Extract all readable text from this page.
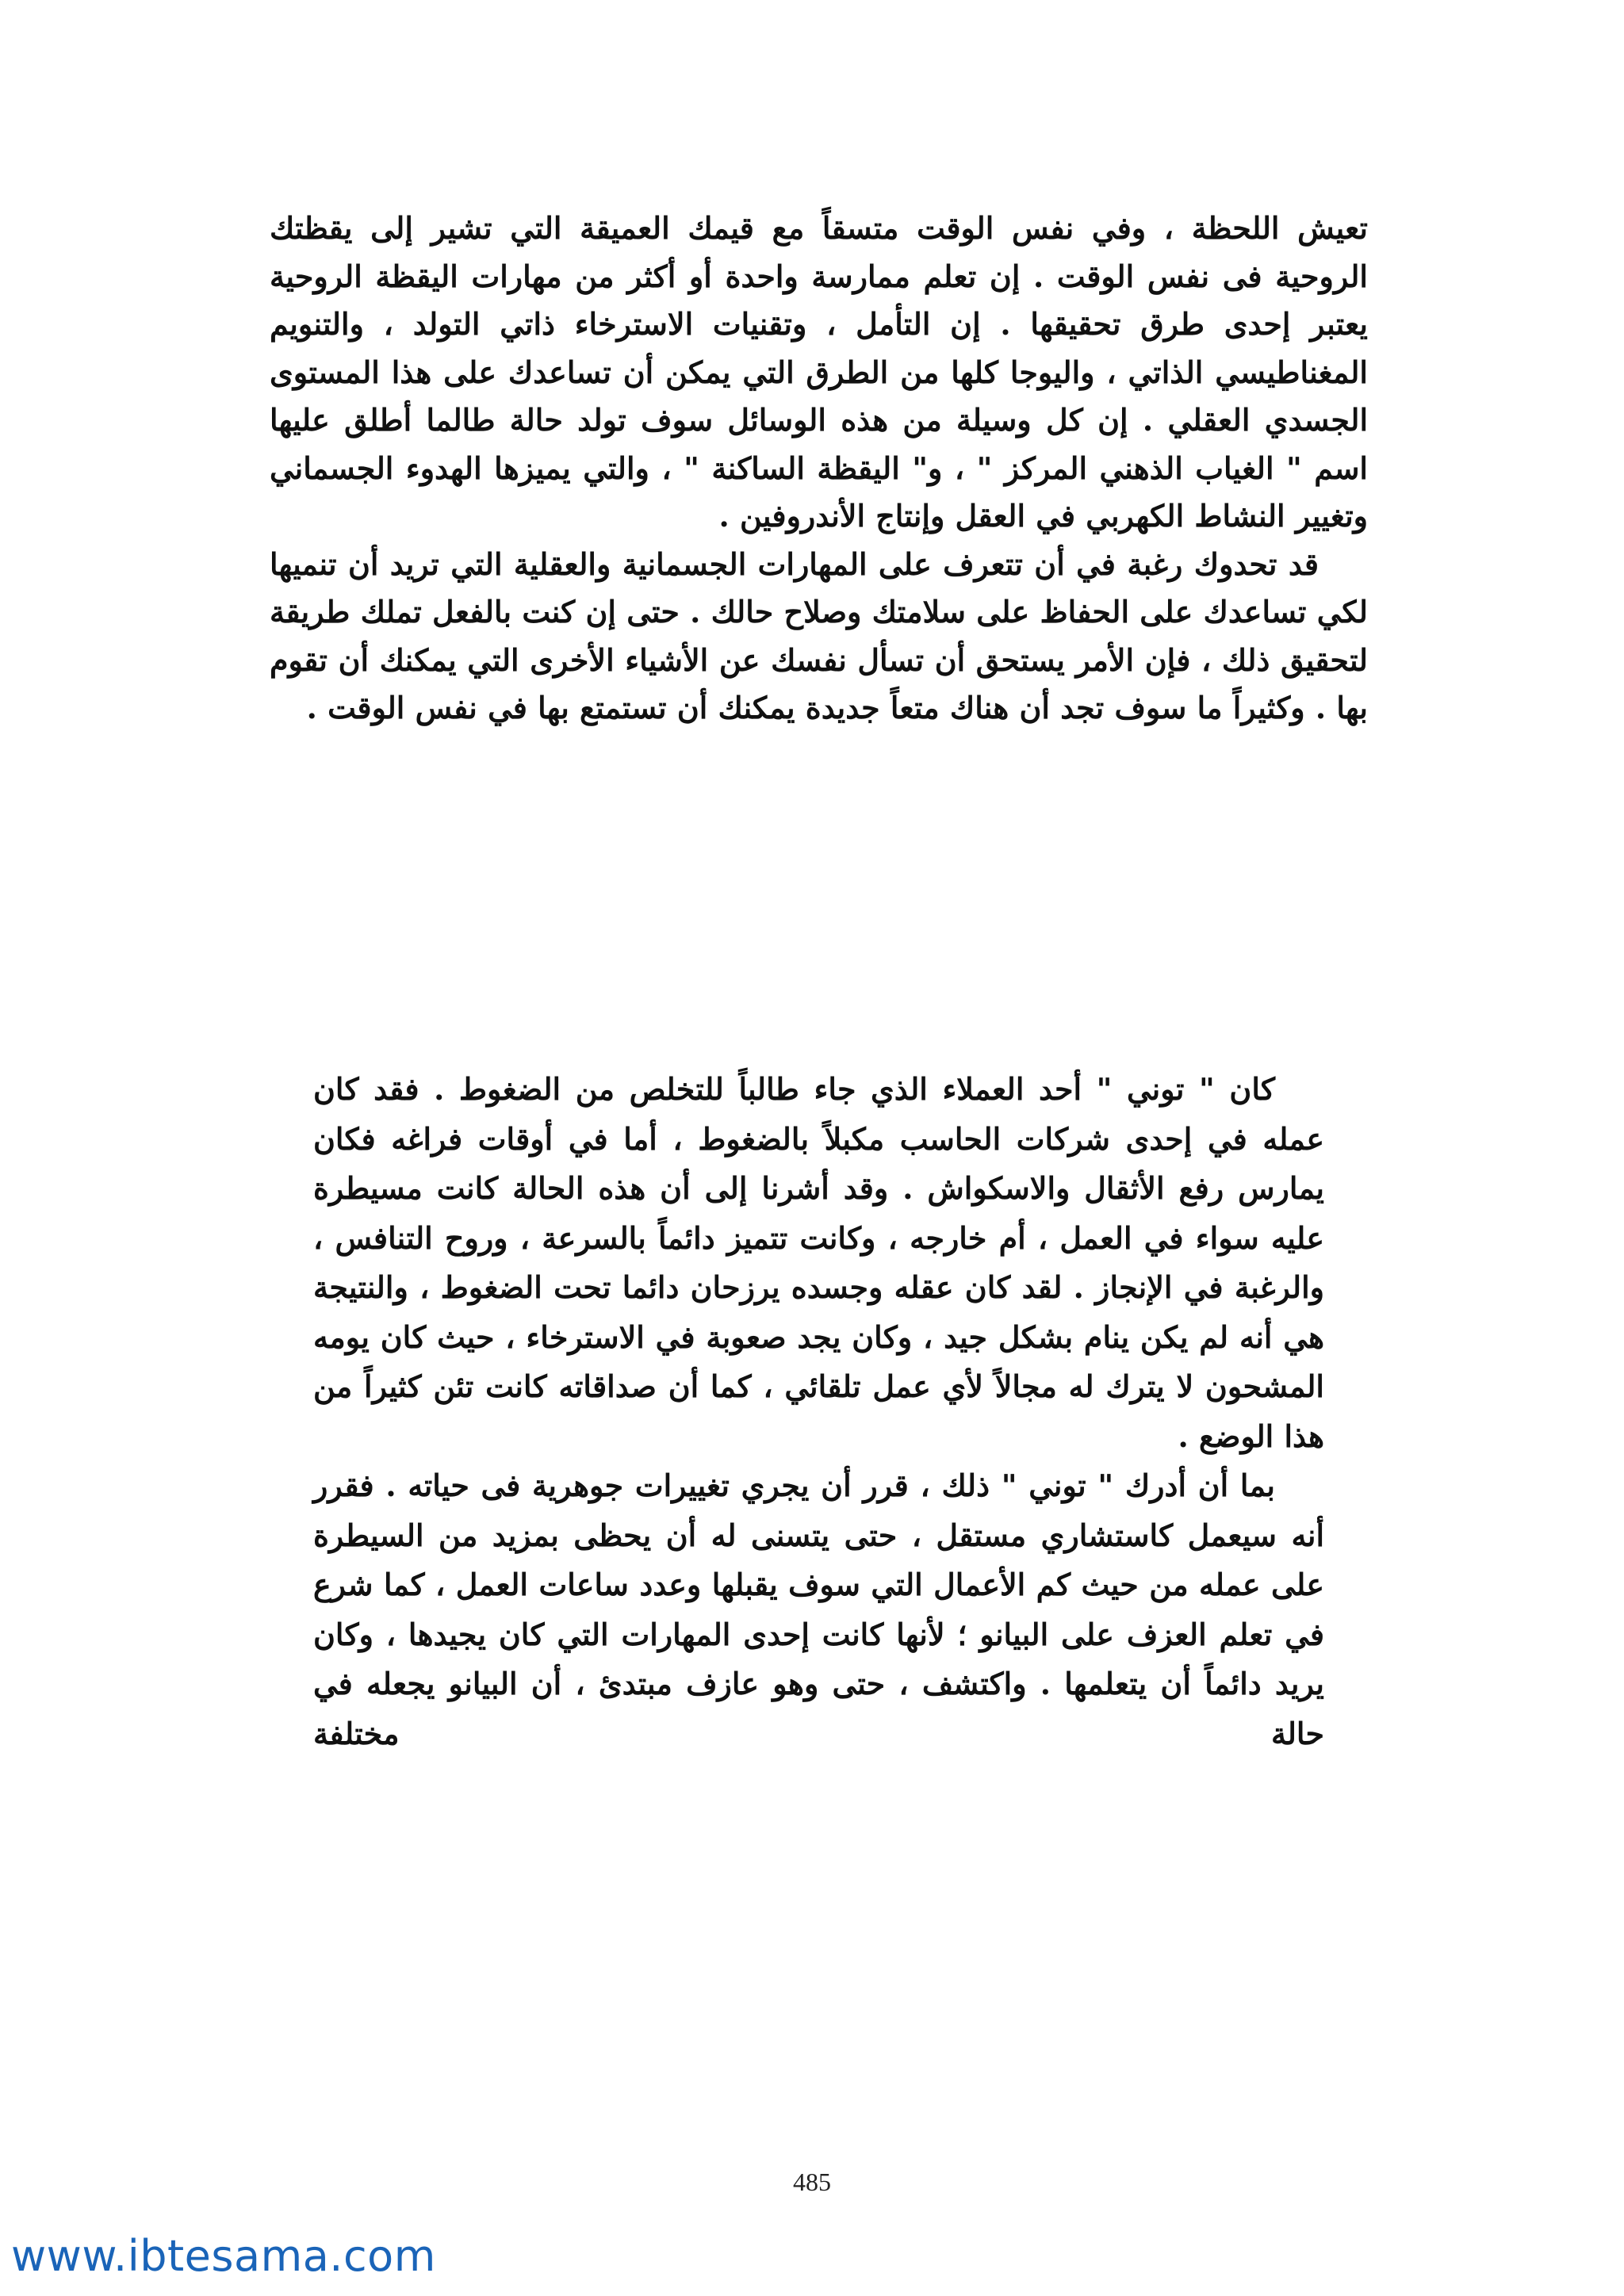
تعيش اللحظة ، وفي نفس الوقت متسقاً مع قيمك العميقة التي تشير إلى يقظتك الروحية فى نفس الوقت . إن تعلم ممارسة واحدة أو أكثر من مهارات اليقظة الروحية يعتبر إحدى طرق تحقيقها . إن التأمل ، وتقنيات الاسترخاء ذاتي التولد ، والتنويم المغناطيسي الذاتي ، واليوجا كلها من الطرق التي يمكن أن تساعدك على هذا المستوى الجسدي العقلي . إن كل وسيلة من هذه الوسائل سوف تولد حالة طالما أطلق عليها اسم " الغياب الذهني المركز " ، و" اليقظة الساكنة " ، والتي يميزها الهدوء الجسماني وتغيير النشاط الكهربي في العقل وإنتاج الأندروفين .

قد تحدوك رغبة في أن تتعرف على المهارات الجسمانية والعقلية التي تريد أن تنميها لكي تساعدك على الحفاظ على سلامتك وصلاح حالك . حتى إن كنت بالفعل تملك طريقة لتحقيق ذلك ، فإن الأمر يستحق أن تسأل نفسك عن الأشياء الأخرى التي يمكنك أن تقوم بها . وكثيراً ما سوف تجد أن هناك متعاً جديدة يمكنك أن تستمتع بها في نفس الوقت .

كان " توني " أحد العملاء الذي جاء طالباً للتخلص من الضغوط . فقد كان عمله في إحدى شركات الحاسب مكبلاً بالضغوط ، أما في أوقات فراغه فكان يمارس رفع الأثقال والاسكواش . وقد أشرنا إلى أن هذه الحالة كانت مسيطرة عليه سواء في العمل ، أم خارجه ، وكانت تتميز دائماً بالسرعة ، وروح التنافس ، والرغبة في الإنجاز . لقد كان عقله وجسده يرزحان دائما تحت الضغوط ، والنتيجة هي أنه لم يكن ينام بشكل جيد ، وكان يجد صعوبة في الاسترخاء ، حيث كان يومه المشحون لا يترك له مجالاً لأي عمل تلقائي ، كما أن صداقاته كانت تئن كثيراً من هذا الوضع .

بما أن أدرك " توني " ذلك ، قرر أن يجري تغييرات جوهرية فى حياته . فقرر أنه سيعمل كاستشاري مستقل ، حتى يتسنى له أن يحظى بمزيد من السيطرة على عمله من حيث كم الأعمال التي سوف يقبلها وعدد ساعات العمل ، كما شرع في تعلم العزف على البيانو ؛ لأنها كانت إحدى المهارات التي كان يجيدها ، وكان يريد دائماً أن يتعلمها . واكتشف ، حتى وهو عازف مبتدئ ، أن البيانو يجعله في حالة مختلفة

485
www.ibtesama.com
